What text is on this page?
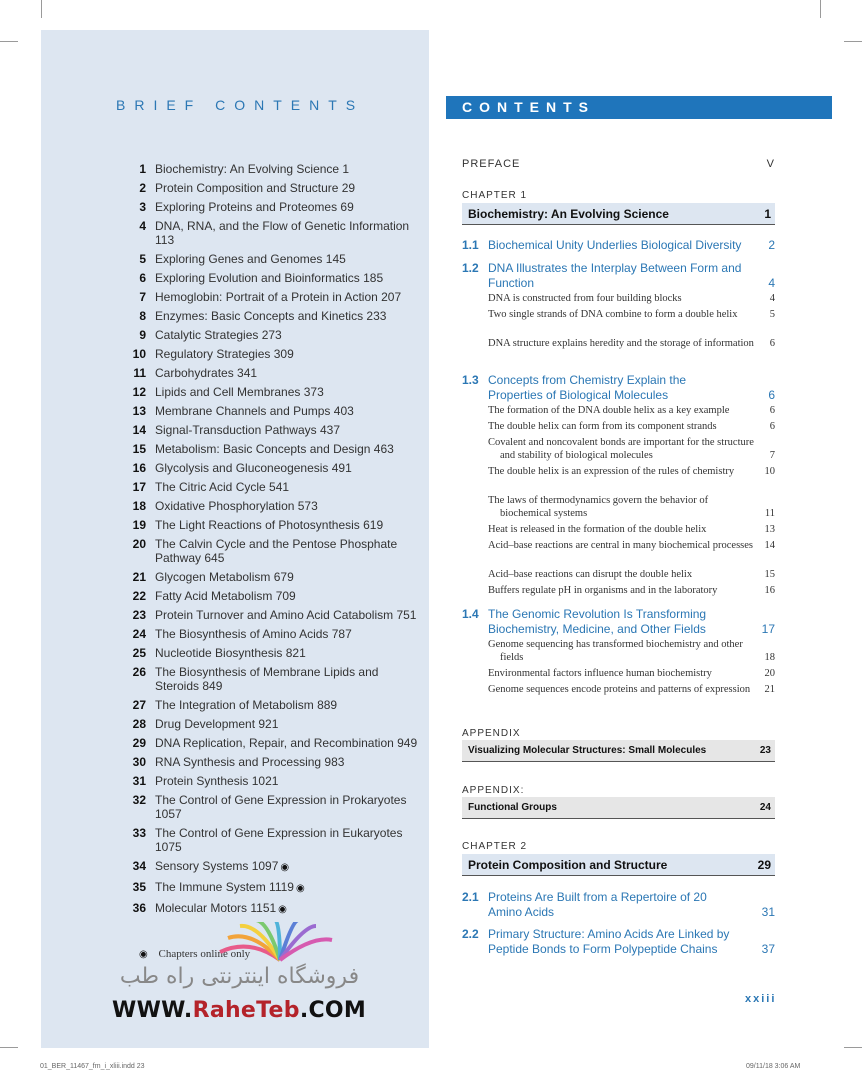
BRIEF CONTENTS
1 Biochemistry: An Evolving Science 1
2 Protein Composition and Structure 29
3 Exploring Proteins and Proteomes 69
4 DNA, RNA, and the Flow of Genetic Information 113
5 Exploring Genes and Genomes 145
6 Exploring Evolution and Bioinformatics 185
7 Hemoglobin: Portrait of a Protein in Action 207
8 Enzymes: Basic Concepts and Kinetics 233
9 Catalytic Strategies 273
10 Regulatory Strategies 309
11 Carbohydrates 341
12 Lipids and Cell Membranes 373
13 Membrane Channels and Pumps 403
14 Signal-Transduction Pathways 437
15 Metabolism: Basic Concepts and Design 463
16 Glycolysis and Gluconeogenesis 491
17 The Citric Acid Cycle 541
18 Oxidative Phosphorylation 573
19 The Light Reactions of Photosynthesis 619
20 The Calvin Cycle and the Pentose Phosphate Pathway 645
21 Glycogen Metabolism 679
22 Fatty Acid Metabolism 709
23 Protein Turnover and Amino Acid Catabolism 751
24 The Biosynthesis of Amino Acids 787
25 Nucleotide Biosynthesis 821
26 The Biosynthesis of Membrane Lipids and Steroids 849
27 The Integration of Metabolism 889
28 Drug Development 921
29 DNA Replication, Repair, and Recombination 949
30 RNA Synthesis and Processing 983
31 Protein Synthesis 1021
32 The Control of Gene Expression in Prokaryotes 1057
33 The Control of Gene Expression in Eukaryotes 1075
34 Sensory Systems 1097 ◉
35 The Immune System 1119 ◉
36 Molecular Motors 1151 ◉
◉ Chapters online only
فروشگاه اینترنتی راه طب
WWW.RaheTeb.COM
CONTENTS
PREFACE	V
CHAPTER 1
Biochemistry: An Evolving Science	1
1.1 Biochemical Unity Underlies Biological Diversity 2
1.2 DNA Illustrates the Interplay Between Form and Function	4
DNA is constructed from four building blocks	4
Two single strands of DNA combine to form a double helix	5
DNA structure explains heredity and the storage of information	6
1.3 Concepts from Chemistry Explain the Properties of Biological Molecules	6
The formation of the DNA double helix as a key example	6
The double helix can form from its component strands	6
Covalent and noncovalent bonds are important for the structure and stability of biological molecules	7
The double helix is an expression of the rules of chemistry	10
The laws of thermodynamics govern the behavior of biochemical systems	11
Heat is released in the formation of the double helix	13
Acid–base reactions are central in many biochemical processes	14
Acid–base reactions can disrupt the double helix	15
Buffers regulate pH in organisms and in the laboratory	16
1.4 The Genomic Revolution Is Transforming Biochemistry, Medicine, and Other Fields	17
Genome sequencing has transformed biochemistry and other fields	18
Environmental factors influence human biochemistry	20
Genome sequences encode proteins and patterns of expression	21
APPENDIX
Visualizing Molecular Structures: Small Molecules	23
APPENDIX:
Functional Groups	24
CHAPTER 2
Protein Composition and Structure	29
2.1 Proteins Are Built from a Repertoire of 20 Amino Acids	31
2.2 Primary Structure: Amino Acids Are Linked by Peptide Bonds to Form Polypeptide Chains	37
xxiii
01_BER_11467_fm_i_xliii.indd 23	09/11/18 3:06 AM
